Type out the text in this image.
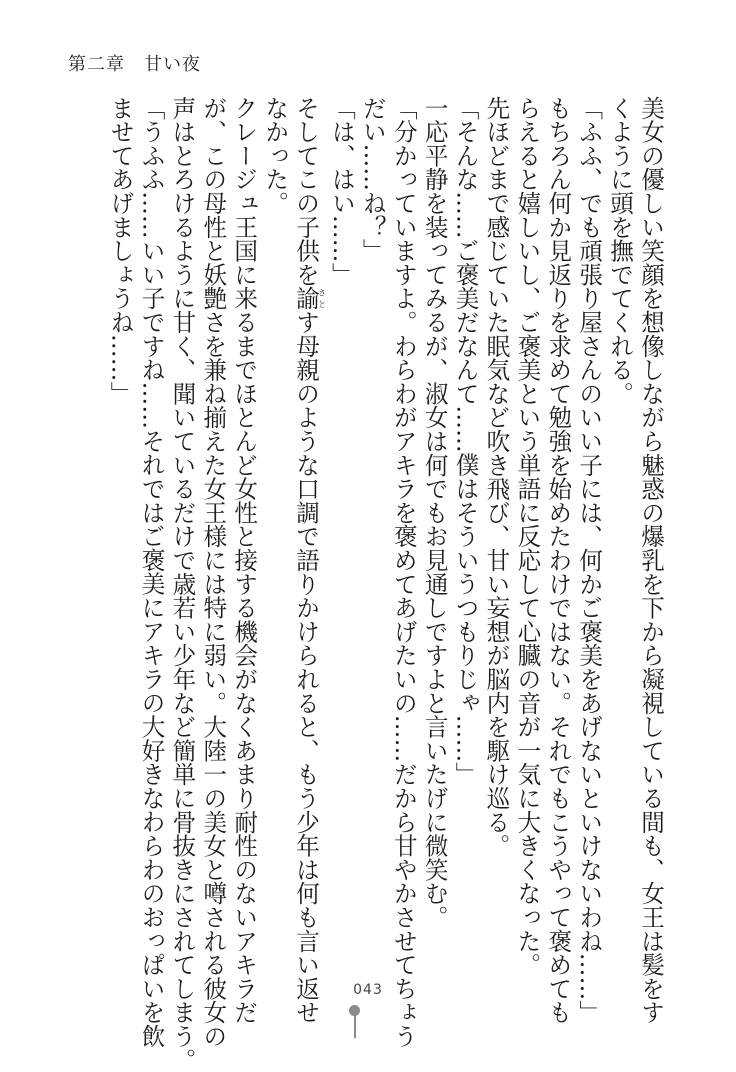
第二章　甘い夜
美女の優しい笑顔を想像しながら魅惑の爆乳を下から凝視している間も、女王は髪をす
くように頭を撫でてくれる。
「ふふ、でも頑張り屋さんのいい子には、何かご褒美をあげないといけないわね……」
もちろん何か見返りを求めて勉強を始めたわけではない。それでもこうやって褒めても
らえると嬉しいし、ご褒美という単語に反応して心臓の音が一気に大きくなった。
先ほどまで感じていた眠気など吹き飛び、甘い妄想が脳内を駆け巡る。
「そんな……ご褒美だなんて……僕はそういうつもりじゃ……」
一応平静を装ってみるが、淑女は何でもお見通しですよと言いたげに微笑む。
「分かっていますよ。わらわがアキラを褒めてあげたいの……だから甘やかさせてちょう
だい……ね？」
「は、はい……」
そしてこの子供を諭さとす母親のような口調で語りかけられると、もう少年は何も言い返せ
なかった。
クレージュ王国に来るまでほとんど女性と接する機会がなくあまり耐性のないアキラだ
が、この母性と妖艶さを兼ね揃えた女王様には特に弱い。大陸一の美女と噂される彼女の
声はとろけるように甘く、聞いているだけで歳若い少年など簡単に骨抜きにされてしまう。
「うふふ……いい子ですね……それではご褒美にアキラの大好きなわらわのおっぱいを飲
ませてあげましょうね……」
043
